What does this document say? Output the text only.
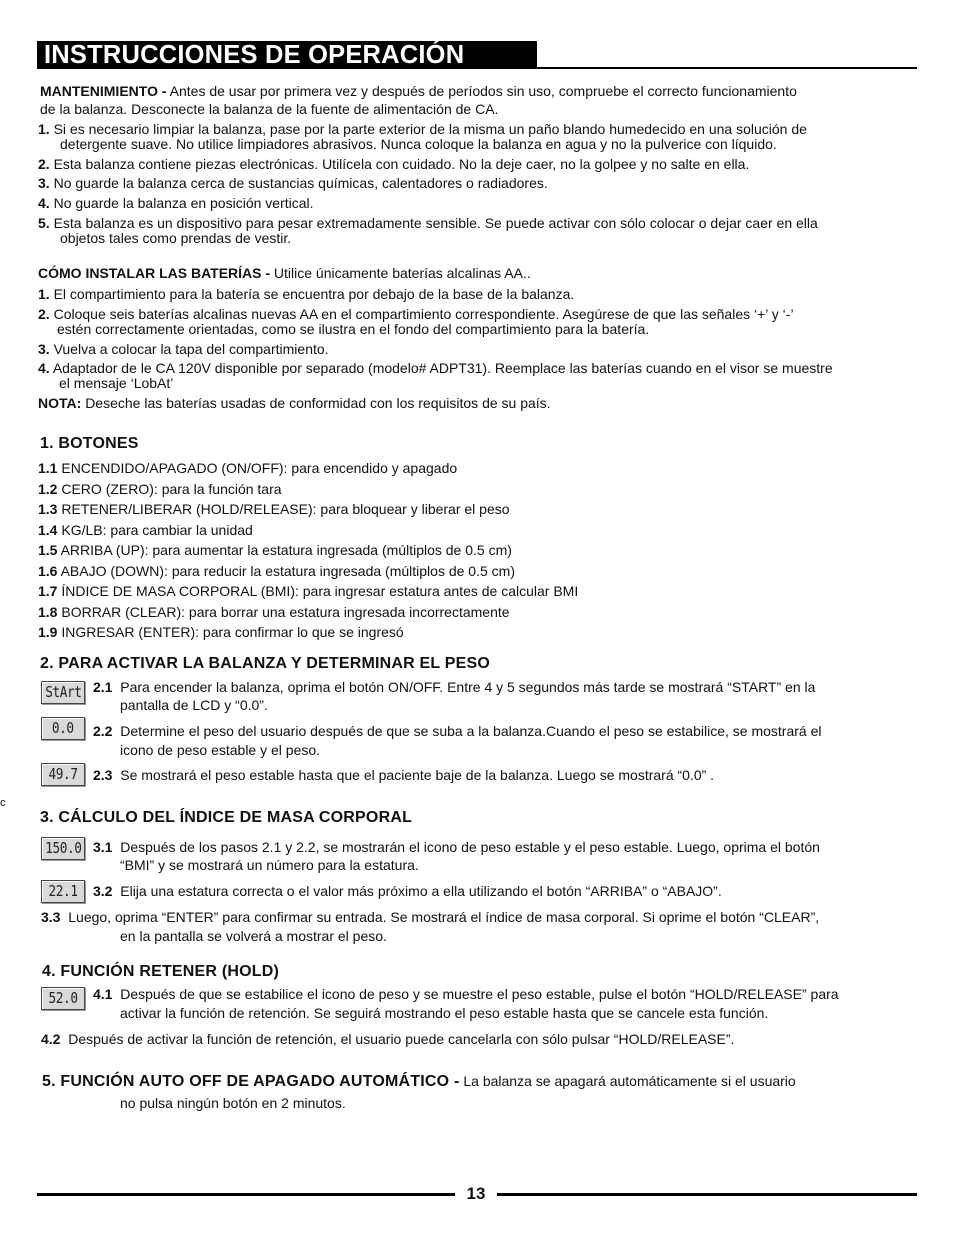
INSTRUCCIONES DE OPERACIÓN
MANTENIMIENTO - Antes de usar por primera vez y después de períodos sin uso, compruebe el correcto funcionamiento
de la balanza. Desconecte la balanza de la fuente de alimentación de CA.
1. Si es necesario limpiar la balanza, pase por la parte exterior de la misma un paño blando humedecido en una solución de
detergente suave. No utilice limpiadores abrasivos. Nunca coloque la balanza en agua y no la pulverice con líquido.
2. Esta balanza contiene piezas electrónicas. Utilícela con cuidado. No la deje caer, no la golpee y no salte en ella.
3. No guarde la balanza cerca de sustancias químicas, calentadores o radiadores.
4. No guarde la balanza en posición vertical.
5. Esta balanza es un dispositivo para pesar extremadamente sensible. Se puede activar con sólo colocar o dejar caer en ella
objetos tales como prendas de vestir.
CÓMO INSTALAR LAS BATERÍAS - Utilice únicamente baterías alcalinas AA..
1. El compartimiento para la batería se encuentra por debajo de la base de la balanza.
2. Coloque seis baterías alcalinas nuevas AA en el compartimiento correspondiente. Asegúrese de que las señales ‘+’ y ‘-’
estén correctamente orientadas, como se ilustra en el fondo del compartimiento para la batería.
3. Vuelva a colocar la tapa del compartimiento.
4. Adaptador de le CA 120V disponible por separado (modelo# ADPT31). Reemplace las baterías cuando en el visor se muestre
el mensaje ‘LobAt’
NOTA: Deseche las baterías usadas de conformidad con los requisitos de su país.
1. BOTONES
1.1 ENCENDIDO/APAGADO (ON/OFF): para encendido y apagado
1.2 CERO (ZERO): para la función tara
1.3 RETENER/LIBERAR (HOLD/RELEASE): para bloquear y liberar el peso
1.4 KG/LB: para cambiar la unidad
1.5 ARRIBA (UP): para aumentar la estatura ingresada (múltiplos de 0.5 cm)
1.6 ABAJO (DOWN): para reducir la estatura ingresada (múltiplos de 0.5 cm)
1.7 ÍNDICE DE MASA CORPORAL (BMI): para ingresar estatura antes de calcular BMI
1.8 BORRAR (CLEAR): para borrar una estatura ingresada incorrectamente
1.9 INGRESAR (ENTER): para confirmar lo que se ingresó
2. PARA ACTIVAR LA BALANZA Y DETERMINAR EL PESO
StArt 2.1 Para encender la balanza, oprima el botón ON/OFF. Entre 4 y 5 segundos más tarde se mostrará “START” en la
pantalla de LCD y “0.0”.
0.0	2.2 Determine el peso del usuario después de que se suba a la balanza.Cuando el peso se estabilice, se mostrará el
icono de peso estable y el peso.
49.7	2.3 Se mostrará el peso estable hasta que el paciente baje de la balanza. Luego se mostrará “0.0” .
c
3. CÁLCULO DEL ÍNDICE DE MASA CORPORAL
150.0 3.1 Después de los pasos 2.1 y 2.2, se mostrarán el icono de peso estable y el peso estable. Luego, oprima el botón
“BMI” y se mostrará un número para la estatura.
22.1	3.2 Elija una estatura correcta o el valor más próximo a ella utilizando el botón “ARRIBA” o “ABAJO”.
3.3 Luego, oprima “ENTER” para confirmar su entrada. Se mostrará el índice de masa corporal. Si oprime el botón “CLEAR”,
en la pantalla se volverá a mostrar el peso.
4. FUNCIÓN RETENER (HOLD)
52.0	4.1 Después de que se estabilice el icono de peso y se muestre el peso estable, pulse el botón “HOLD/RELEASE” para
activar la función de retención. Se seguirá mostrando el peso estable hasta que se cancele esta función.
4.2 Después de activar la función de retención, el usuario puede cancelarla con sólo pulsar “HOLD/RELEASE”.
5. FUNCIÓN AUTO OFF DE APAGADO AUTOMÁTICO - La balanza se apagará automáticamente si el usuario
no pulsa ningún botón en 2 minutos.
13
